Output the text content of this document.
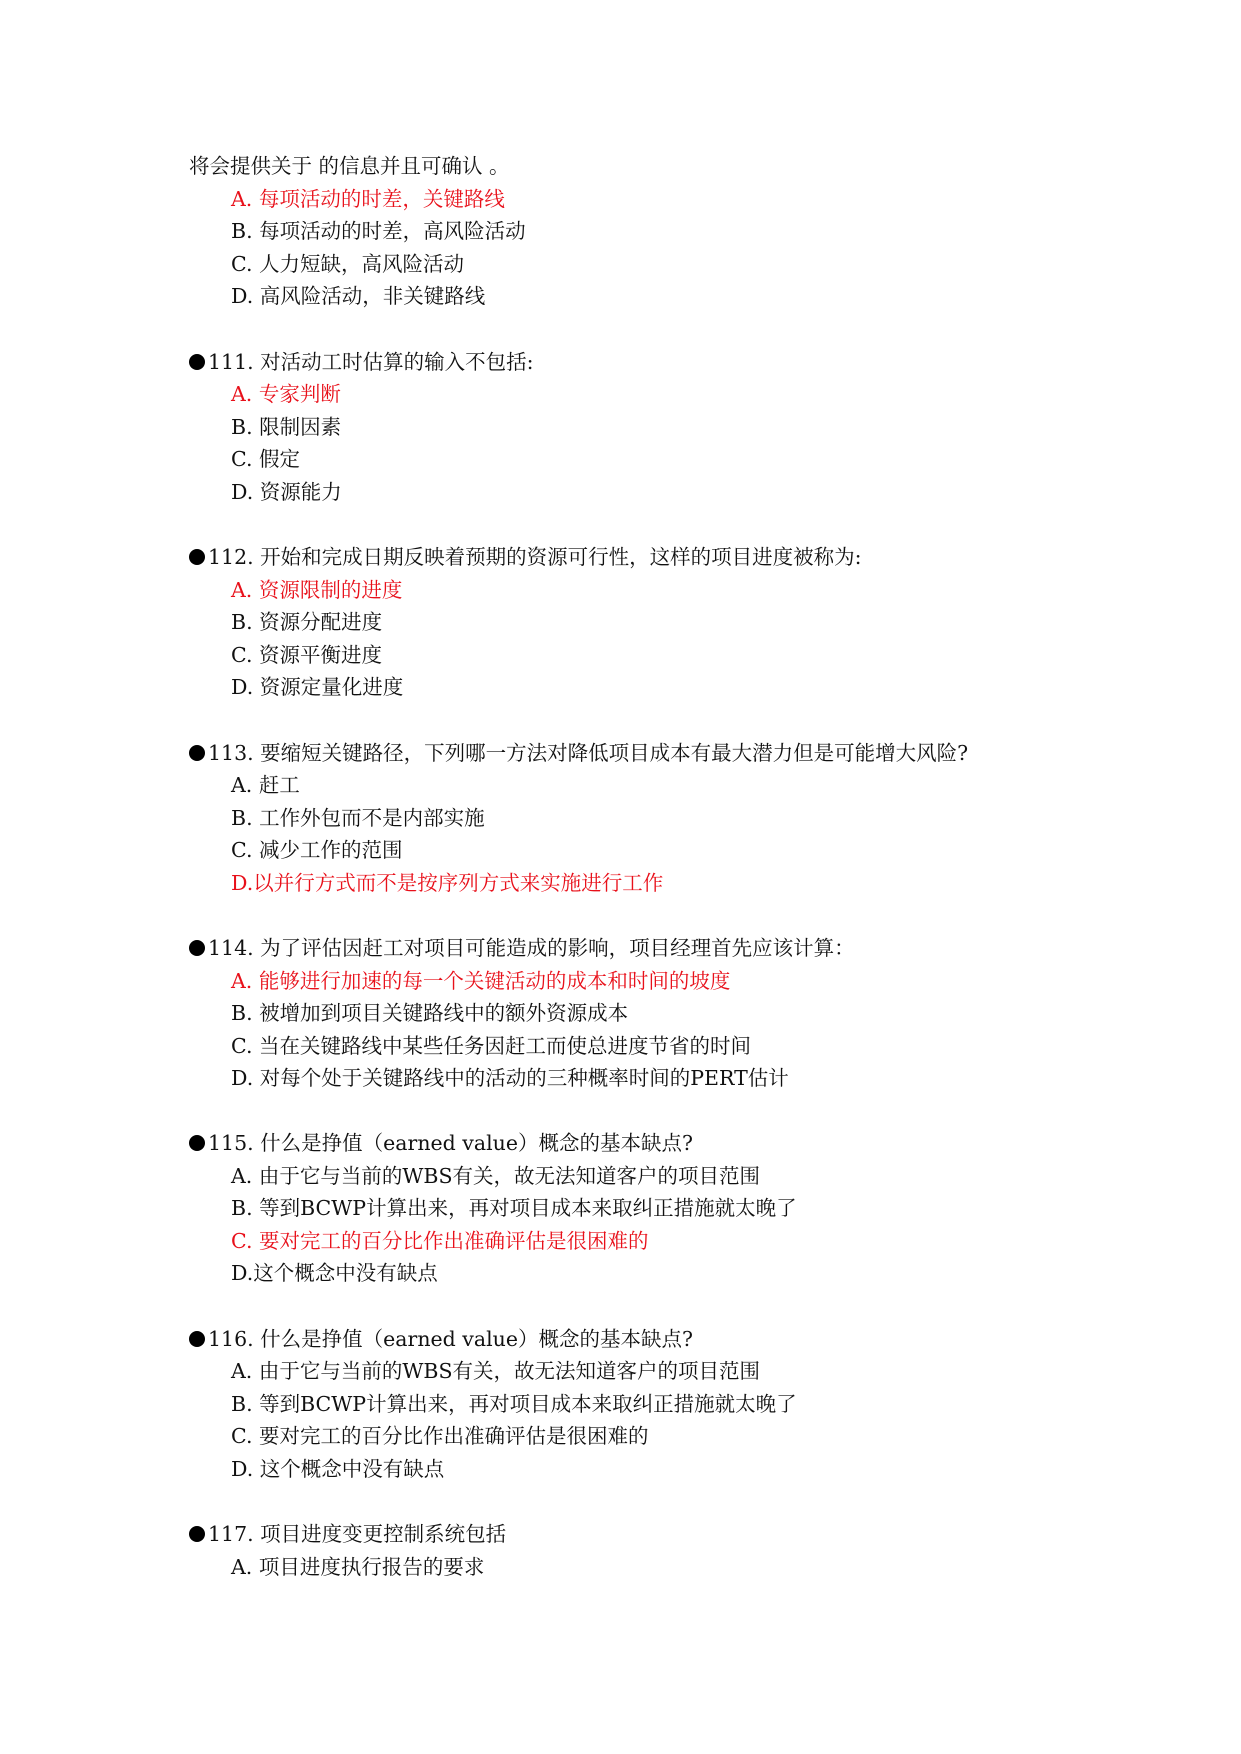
将会提供关于 的信息并且可确认 。
A. 每项活动的时差，关键路线
B. 每项活动的时差，高风险活动
C. 人力短缺，高风险活动
D. 高风险活动，非关键路线
111. 对活动工时估算的输入不包括:
A. 专家判断
B. 限制因素
C. 假定
D. 资源能力
112. 开始和完成日期反映着预期的资源可行性，这样的项目进度被称为:
A. 资源限制的进度
B. 资源分配进度
C. 资源平衡进度
D. 资源定量化进度
113. 要缩短关键路径，下列哪一方法对降低项目成本有最大潜力但是可能增大风险?
A. 赶工
B. 工作外包而不是内部实施
C. 减少工作的范围
D.以并行方式而不是按序列方式来实施进行工作
114. 为了评估因赶工对项目可能造成的影响，项目经理首先应该计算：
A. 能够进行加速的每一个关键活动的成本和时间的坡度
B. 被增加到项目关键路线中的额外资源成本
C. 当在关键路线中某些任务因赶工而使总进度节省的时间
D. 对每个处于关键路线中的活动的三种概率时间的PERT估计
115. 什么是挣值（earned value）概念的基本缺点?
A. 由于它与当前的WBS有关，故无法知道客户的项目范围
B. 等到BCWP计算出来，再对项目成本来取纠正措施就太晚了
C. 要对完工的百分比作出准确评估是很困难的
D.这个概念中没有缺点
116. 什么是挣值（earned value）概念的基本缺点?
A. 由于它与当前的WBS有关，故无法知道客户的项目范围
B. 等到BCWP计算出来，再对项目成本来取纠正措施就太晚了
C. 要对完工的百分比作出准确评估是很困难的
D. 这个概念中没有缺点
117. 项目进度变更控制系统包括
A. 项目进度执行报告的要求
